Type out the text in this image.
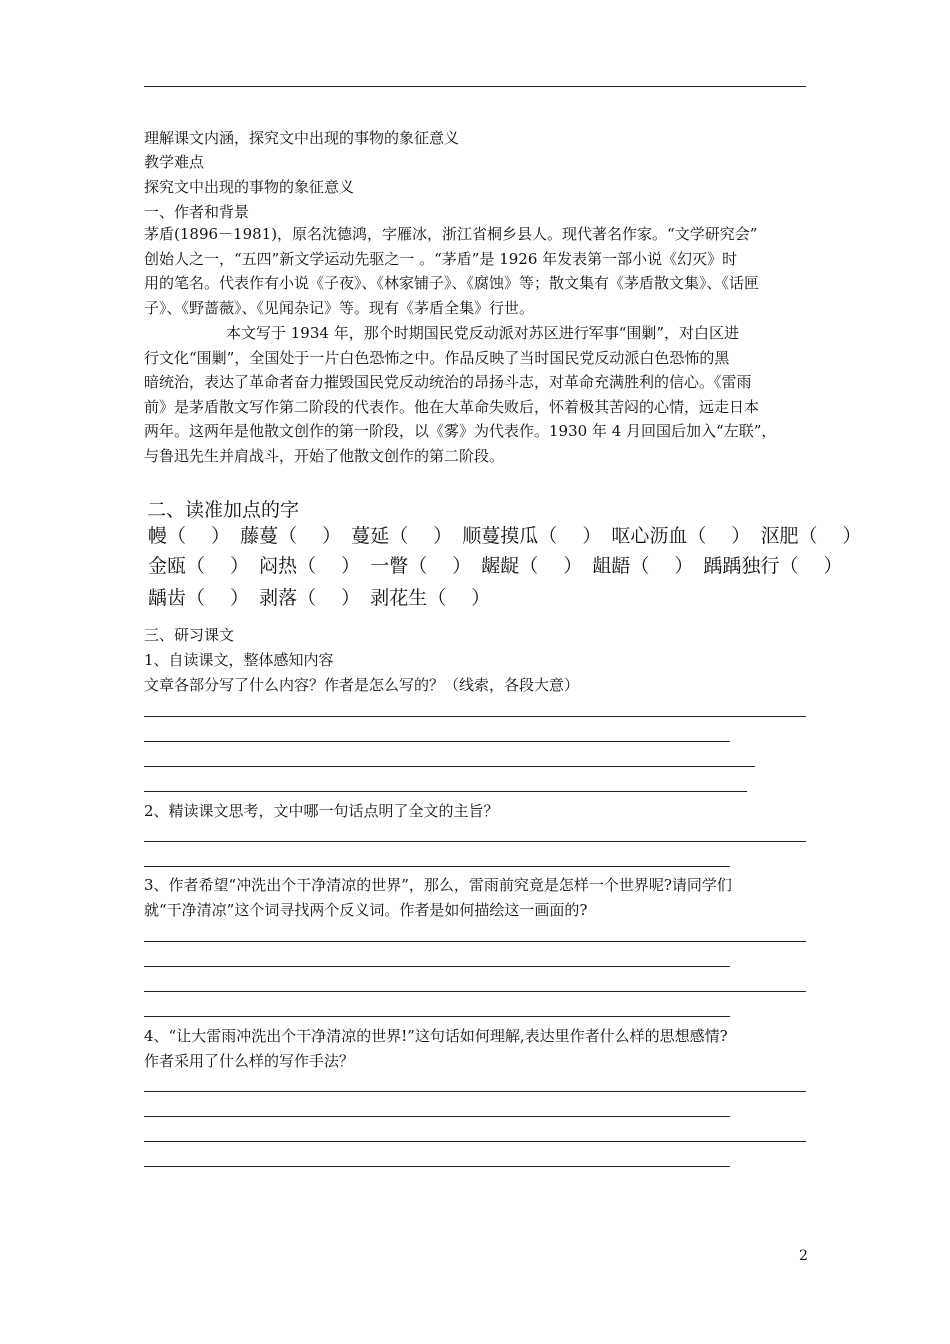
理解课文内涵，探究文中出现的事物的象征意义
教学难点
探究文中出现的事物的象征意义
一、作者和背景
茅盾(1896－1981)，原名沈德鸿，字雁冰，浙江省桐乡县人。现代著名作家。“文学研究会”
创始人之一，“五四”新文学运动先驱之一 。“茅盾”是 1926 年发表第一部小说《幻灭》时
用的笔名。代表作有小说《子夜》、《林家铺子》、《腐蚀》等；散文集有《茅盾散文集》、《话匣
子》、《野蔷薇》、《见闻杂记》等。现有《茅盾全集》行世。
本文写于 1934 年，那个时期国民党反动派对苏区进行军事“围剿”，对白区进
行文化“围剿”，全国处于一片白色恐怖之中。作品反映了当时国民党反动派白色恐怖的黑
暗统治，表达了革命者奋力摧毁国民党反动统治的昂扬斗志，对革命充满胜利的信心。《雷雨
前》是茅盾散文写作第二阶段的代表作。他在大革命失败后，怀着极其苦闷的心情，远走日本
两年。这两年是他散文创作的第一阶段，以《雾》为代表作。1930 年 4 月回国后加入“左联”，
与鲁迅先生并肩战斗，开始了他散文创作的第二阶段。
二、读准加点的字
幔（　 ） 藤蔓（　 ） 蔓延（　 ） 顺蔓摸瓜（　 ） 呕心沥血（　 ） 沤肥（　 ）
金瓯（　 ） 闷热（　 ） 一瞥（　 ） 龌龊（　 ） 龃龉（　 ） 踽踽独行（　 ）
龋齿（　 ） 剥落（　 ） 剥花生（　 ）
三、研习课文
1、自读课文，整体感知内容
文章各部分写了什么内容？作者是怎么写的？（线索，各段大意）
2、精读课文思考，文中哪一句话点明了全文的主旨？
3、作者希望“冲洗出个干净清凉的世界”，那么，雷雨前究竟是怎样一个世界呢?请同学们
就“干净清凉”这个词寻找两个反义词。作者是如何描绘这一画面的?
4、“让大雷雨冲洗出个干净清凉的世界!”这句话如何理解,表达里作者什么样的思想感情?
作者采用了什么样的写作手法？
2
